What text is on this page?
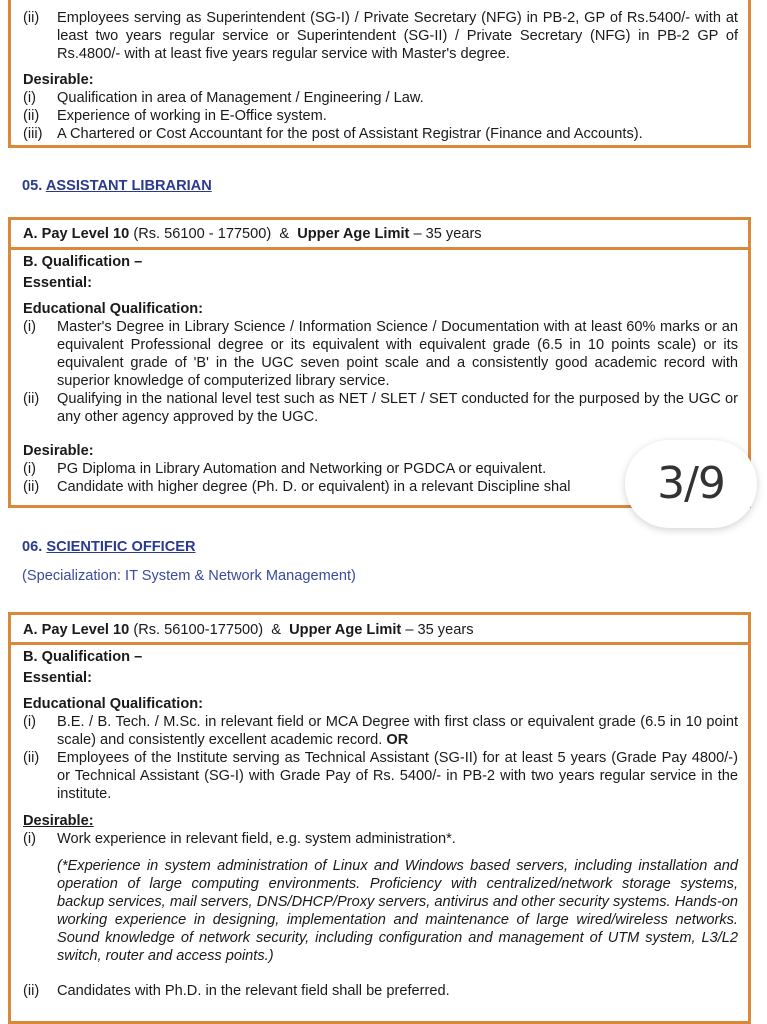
(ii)	Employees serving as Superintendent (SG-I) / Private Secretary (NFG) in PB-2, GP of Rs.5400/- with at least two years regular service or Superintendent (SG-II) / Private Secretary (NFG) in PB-2 GP of Rs.4800/- with at least five years regular service with Master's degree.
Desirable:
(i)	Qualification in area of Management / Engineering / Law.
(ii)	Experience of working in E-Office system.
(iii) A Chartered or Cost Accountant for the post of Assistant Registrar (Finance and Accounts).
05. ASSISTANT LIBRARIAN
A. Pay Level 10 (Rs. 56100 - 177500) & Upper Age Limit – 35 years
B. Qualification –
Essential:
Educational Qualification:
(i)	Master's Degree in Library Science / Information Science / Documentation with at least 60% marks or an equivalent Professional degree or its equivalent with equivalent grade (6.5 in 10 points scale) or its equivalent grade of 'B' in the UGC seven point scale and a consistently good academic record with superior knowledge of computerized library service.
(ii)	Qualifying in the national level test such as NET / SLET / SET conducted for the purposed by the UGC or any other agency approved by the UGC.
Desirable:
(i)	PG Diploma in Library Automation and Networking or PGDCA or equivalent.
(ii)	Candidate with higher degree (Ph. D. or equivalent) in a relevant Discipline shal	3/9
06. SCIENTIFIC OFFICER
(Specialization: IT System & Network Management)
A. Pay Level 10 (Rs. 56100-177500) & Upper Age Limit – 35 years
B. Qualification –
Essential:
Educational Qualification:
(i)	B.E. / B. Tech. / M.Sc. in relevant field or MCA Degree with first class or equivalent grade (6.5 in 10 point scale) and consistently excellent academic record. OR
(ii)	Employees of the Institute serving as Technical Assistant (SG-II) for at least 5 years (Grade Pay 4800/-) or Technical Assistant (SG-I) with Grade Pay of Rs. 5400/- in PB-2 with two years regular service in the institute.
Desirable:
(i)	Work experience in relevant field, e.g. system administration*.
(*Experience in system administration of Linux and Windows based servers, including installation and operation of large computing environments. Proficiency with centralized/network storage systems, backup services, mail servers, DNS/DHCP/Proxy servers, antivirus and other security systems. Hands-on working experience in designing, implementation and maintenance of large wired/wireless networks. Sound knowledge of network security, including configuration and management of UTM system, L3/L2 switch, router and access points.)
(ii)	Candidates with Ph.D. in the relevant field shall be preferred.
